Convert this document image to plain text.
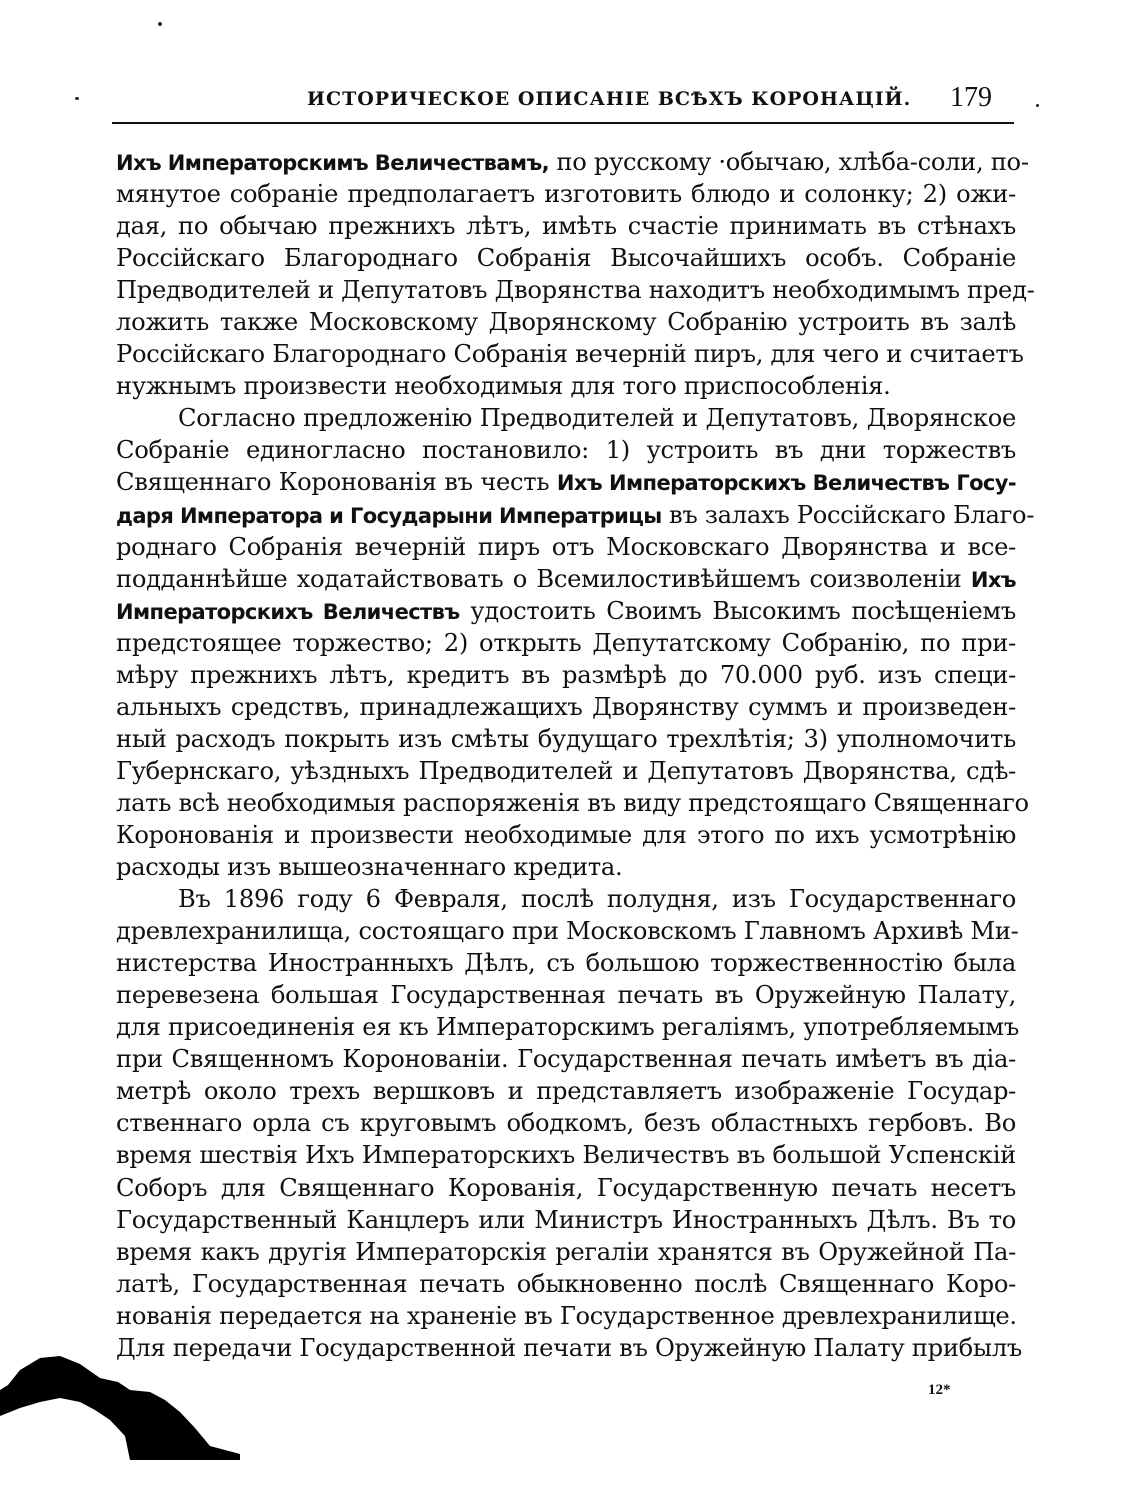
ИСТОРИЧЕСКОЕ ОПИСАНІЕ ВСѢХЪ КОРОНАЦІЙ. 179
Ихъ Императорскимъ Величествамъ, по русскому ·обычаю, хлѣба-соли, по-
мянутое собраніе предполагаетъ изготовить блюдо и солонку; 2) ожи-
дая, по обычаю прежнихъ лѣтъ, имѣть счастіе принимать въ стѣнахъ
Россійскаго Благороднаго Собранія Высочайшихъ особъ. Собраніе
Предводителей и Депутатовъ Дворянства находитъ необходимымъ пред-
ложить также Московскому Дворянскому Собранію устроить въ залѣ
Россійскаго Благороднаго Собранія вечерній пиръ, для чего и считаетъ
нужнымъ произвести необходимыя для того приспособленія.
Согласно предложенію Предводителей и Депутатовъ, Дворянское
Собраніе единогласно постановило: 1) устроить въ дни торжествъ
Священнаго Коронованія въ честь Ихъ Императорскихъ Величествъ Госу-
даря Императора и Государыни Императрицы въ залахъ Россійскаго Благо-
роднаго Собранія вечерній пиръ отъ Московскаго Дворянства и все-
подданнѣйше ходатайствовать о Всемилостивѣйшемъ соизволеніи Ихъ
Императорскихъ Величествъ удостоить Своимъ Высокимъ посѣщеніемъ
предстоящее торжество; 2) открыть Депутатскому Собранію, по при-
мѣру прежнихъ лѣтъ, кредитъ въ размѣрѣ до 70.000 руб. изъ специ-
альныхъ средствъ, принадлежащихъ Дворянству суммъ и произведен-
ный расходъ покрыть изъ смѣты будущаго трехлѣтія; 3) уполномочить
Губернскаго, уѣздныхъ Предводителей и Депутатовъ Дворянства, сдѣ-
лать всѣ необходимыя распоряженія въ виду предстоящаго Священнаго
Коронованія и произвести необходимые для этого по ихъ усмотрѣнію
расходы изъ вышеозначеннаго кредита.
Въ 1896 году 6 Февраля, послѣ полудня, изъ Государственнаго
древлехранилища, состоящаго при Московскомъ Главномъ Архивѣ Ми-
нистерства Иностранныхъ Дѣлъ, съ большою торжественностію была
перевезена большая Государственная печать въ Оружейную Палату,
для присоединенія ея къ Императорскимъ регаліямъ, употребляемымъ
при Священномъ Коронованіи. Государственная печать имѣетъ въ діа-
метрѣ около трехъ вершковъ и представляетъ изображеніе Государ-
ственнаго орла съ круговымъ ободкомъ, безъ областныхъ гербовъ. Во
время шествія Ихъ Императорскихъ Величествъ въ большой Успенскій
Соборъ для Священнаго Корованія, Государственную печать несетъ
Государственный Канцлеръ или Министръ Иностранныхъ Дѣлъ. Въ то
время какъ другія Императорскія регаліи хранятся въ Оружейной Па-
латѣ, Государственная печать обыкновенно послѣ Священнаго Коро-
нованія передается на храненіе въ Государственное древлехранилище.
Для передачи Государственной печати въ Оружейную Палату прибылъ
12*
